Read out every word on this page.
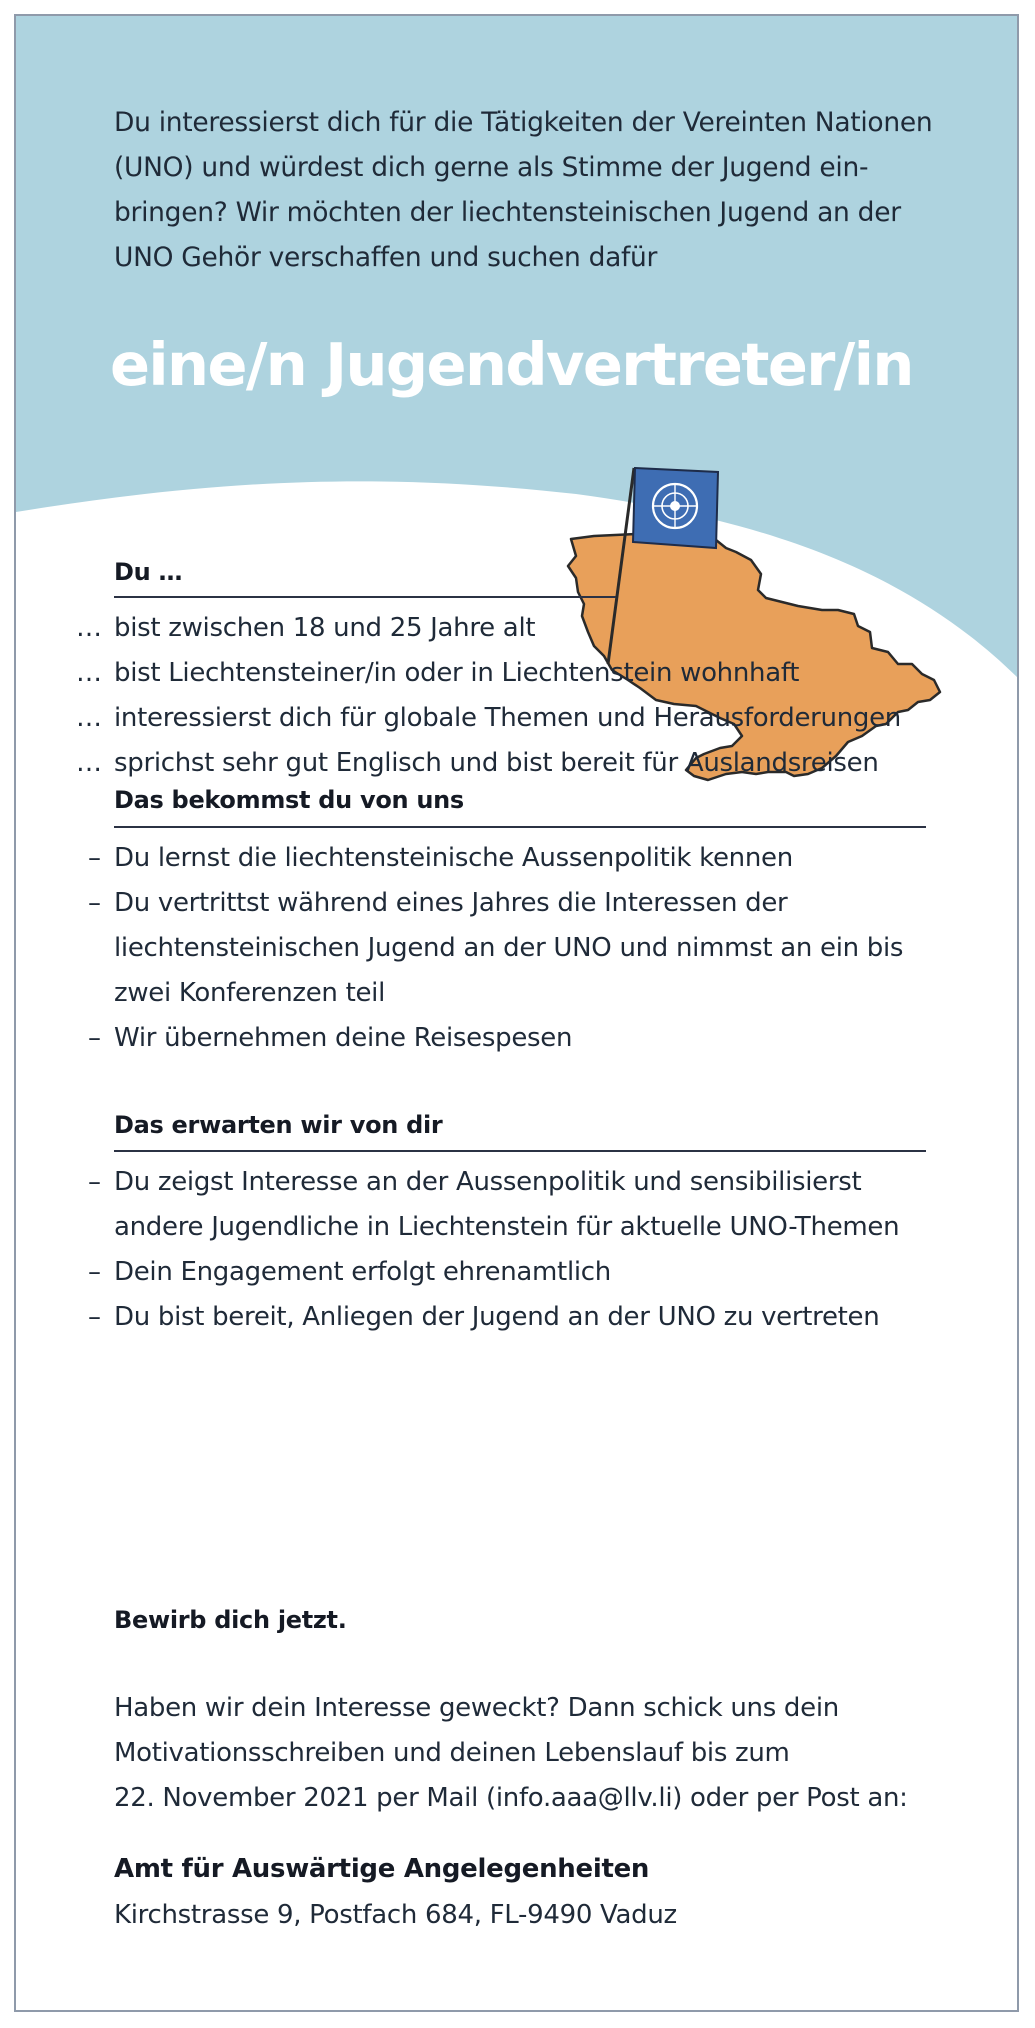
Du interessierst dich für die Tätigkeiten der Vereinten Nationen
(UNO) und würdest dich gerne als Stimme der Jugend ein-
bringen? Wir möchten der liechtensteinischen Jugend an der
UNO Gehör verschaffen und suchen dafür
eine/n Jugendvertreter/in
Du …
… bist zwischen 18 und 25 Jahre alt
… bist Liechtensteiner/in oder in Liechtenstein wohnhaft
… interessierst dich für globale Themen und Herausforderungen
… sprichst sehr gut Englisch und bist bereit für Auslandsreisen
Das bekommst du von uns
– Du lernst die liechtensteinische Aussenpolitik kennen
– Du vertrittst während eines Jahres die Interessen der
liechtensteinischen Jugend an der UNO und nimmst an ein bis
zwei Konferenzen teil
– Wir übernehmen deine Reisespesen
Das erwarten wir von dir
– Du zeigst Interesse an der Aussenpolitik und sensibilisierst
andere Jugendliche in Liechtenstein für aktuelle UNO-Themen
– Dein Engagement erfolgt ehrenamtlich
– Du bist bereit, Anliegen der Jugend an der UNO zu vertreten
Bewirb dich jetzt.
Haben wir dein Interesse geweckt? Dann schick uns dein
Motivationsschreiben und deinen Lebenslauf bis zum
22. November 2021 per Mail (info.aaa@llv.li) oder per Post an:
Amt für Auswärtige Angelegenheiten
Kirchstrasse 9, Postfach 684, FL-9490 Vaduz
